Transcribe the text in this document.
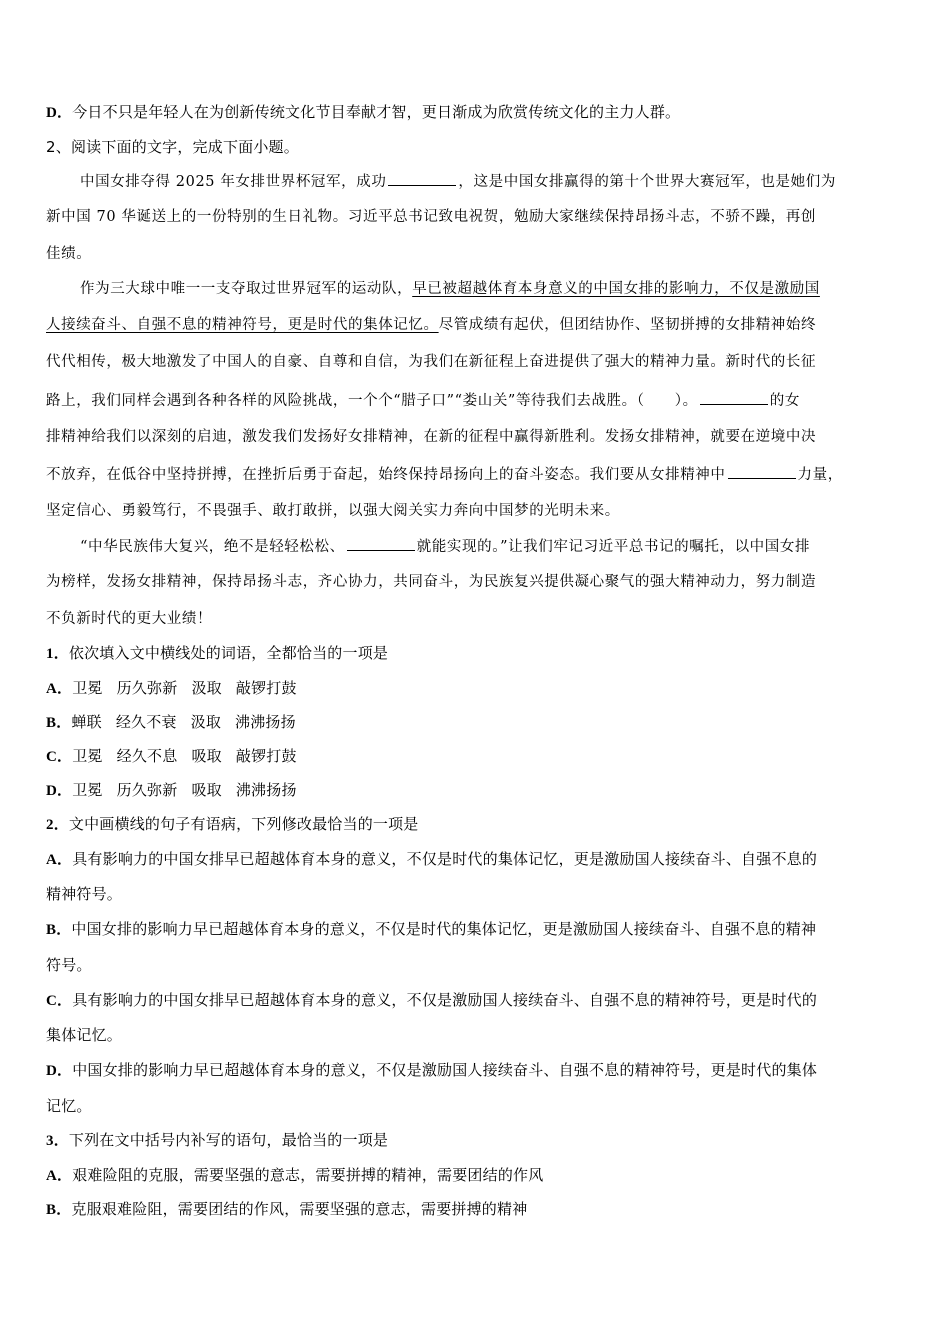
D．今日不只是年轻人在为创新传统文化节目奉献才智，更日渐成为欣赏传统文化的主力人群。
2、阅读下面的文字，完成下面小题。
中国女排夺得 2025 年女排世界杯冠军，成功	，这是中国女排赢得的第十个世界大赛冠军，也是她们为
新中国 70 华诞送上的一份特别的生日礼物。习近平总书记致电祝贺，勉励大家继续保持昂扬斗志，不骄不躁，再创
佳绩。
作为三大球中唯一一支夺取过世界冠军的运动队，早已被超越体育本身意义的中国女排的影响力，不仅是激励国
人接续奋斗、自强不息的精神符号，更是时代的集体记忆。尽管成绩有起伏，但团结协作、坚韧拼搏的女排精神始终
代代相传，极大地激发了中国人的自豪、自尊和自信，为我们在新征程上奋进提供了强大的精神力量。新时代的长征
路上，我们同样会遇到各种各样的风险挑战，一个个“腊子口”“娄山关”等待我们去战胜。（　　）。	的女
排精神给我们以深刻的启迪，激发我们发扬好女排精神，在新的征程中赢得新胜利。发扬女排精神，就要在逆境中决
不放弃，在低谷中坚持拼搏，在挫折后勇于奋起，始终保持昂扬向上的奋斗姿态。我们要从女排精神中	力量，
坚定信心、勇毅笃行，不畏强手、敢打敢拼，以强大阅关实力奔向中国梦的光明未来。
“中华民族伟大复兴，绝不是轻轻松松、	就能实现的。”让我们牢记习近平总书记的嘱托，以中国女排
为榜样，发扬女排精神，保持昂扬斗志，齐心协力，共同奋斗，为民族复兴提供凝心聚气的强大精神动力，努力制造
不负新时代的更大业绩！
1．依次填入文中横线处的词语，全都恰当的一项是
A．卫冕 历久弥新 汲取 敲锣打鼓
B．蝉联 经久不衰 汲取 沸沸扬扬
C．卫冕 经久不息 吸取 敲锣打鼓
D．卫冕 历久弥新 吸取 沸沸扬扬
2．文中画横线的句子有语病，下列修改最恰当的一项是
A．具有影响力的中国女排早已超越体育本身的意义，不仅是时代的集体记忆，更是激励国人接续奋斗、自强不息的
精神符号。
B．中国女排的影响力早已超越体育本身的意义，不仅是时代的集体记忆，更是激励国人接续奋斗、自强不息的精神
符号。
C．具有影响力的中国女排早已超越体育本身的意义，不仅是激励国人接续奋斗、自强不息的精神符号，更是时代的
集体记忆。
D．中国女排的影响力早已超越体育本身的意义，不仅是激励国人接续奋斗、自强不息的精神符号，更是时代的集体
记忆。
3．下列在文中括号内补写的语句，最恰当的一项是
A．艰难险阻的克服，需要坚强的意志，需要拼搏的精神，需要团结的作风
B．克服艰难险阻，需要团结的作风，需要坚强的意志，需要拼搏的精神
